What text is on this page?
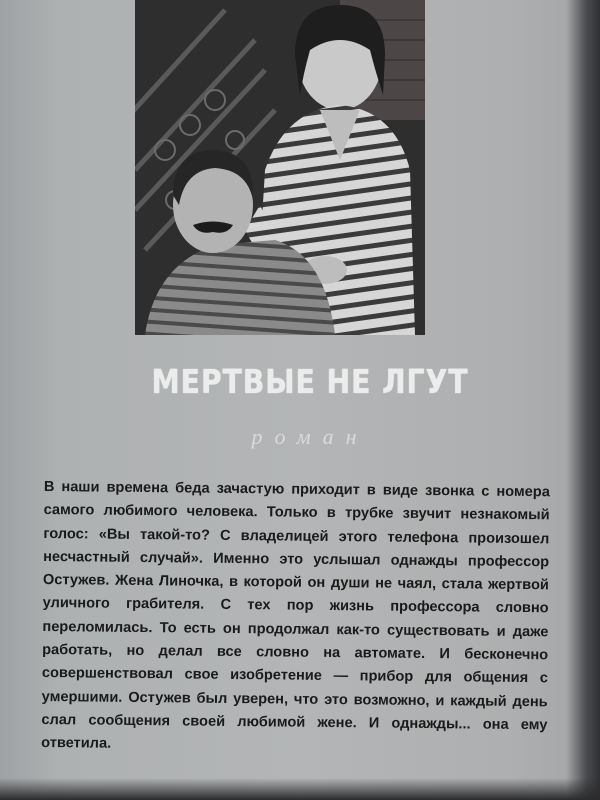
МЕРТВЫЕ НЕ ЛГУТ
роман
В наши времена беда зачастую приходит в виде звонка с номера самого любимого человека. Только в трубке звучит незнакомый голос: «Вы такой-то? С владелицей этого телефона произошел несчастный случай». Именно это услышал однажды профессор Остужев. Жена Линочка, в которой он души не чаял, стала жертвой уличного грабителя. С тех пор жизнь профессора словно переломилась. То есть он продолжал как-то существовать и даже работать, но делал все словно на автомате. И бесконечно совершенствовал свое изобретение — прибор для общения с умершими. Остужев был уверен, что это возможно, и каждый день слал сообщения своей любимой жене. И однажды... она ему ответила.
